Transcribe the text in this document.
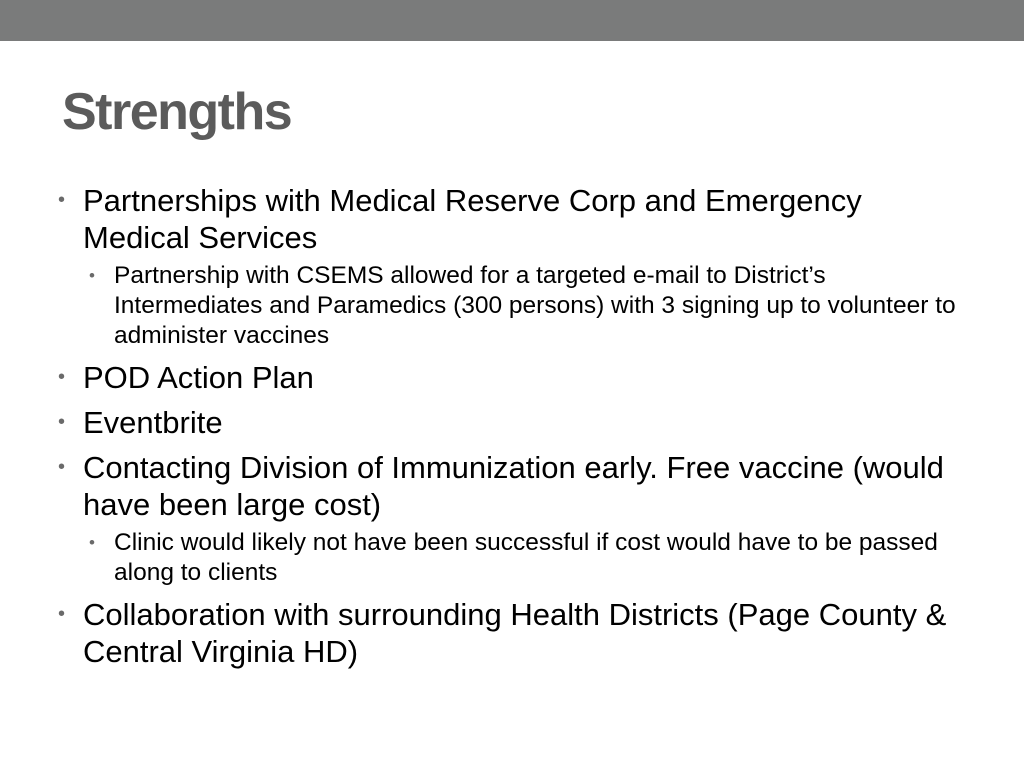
Strengths
• Partnerships with Medical Reserve Corp and Emergency Medical Services
• Partnership with CSEMS allowed for a targeted e-mail to District’s Intermediates and Paramedics (300 persons) with 3 signing up to volunteer to administer vaccines
• POD Action Plan
• Eventbrite
• Contacting Division of Immunization early. Free vaccine (would have been large cost)
• Clinic would likely not have been successful if cost would have to be passed along to clients
• Collaboration with surrounding Health Districts (Page County & Central Virginia HD)
